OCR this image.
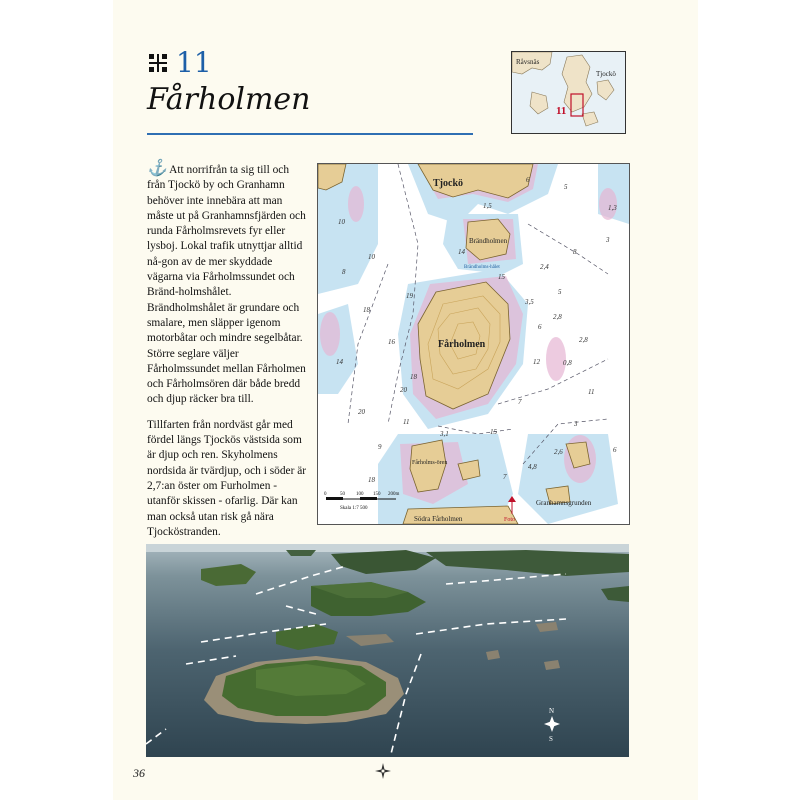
11
Fårholmen
Råvsnäs
Tjockö
11

⚓ Att norrifrån ta sig till och från Tjockö by och Granhamn behöver inte innebära att man måste ut på Granhamnsfjärden och runda Fårholmsrevets fyr eller lysboj. Lokal trafik utnyttjar alltid nå-gon av de mer skyddade vägarna via Fårholmssundet och Bränd-holmshålet. Brändholmshålet är grundare och smalare, men släpper igenom motorbåtar och mindre segelbåtar. Större seglare väljer Fårholmssundet mellan Fårholmen och Fårholmsören där både bredd och djup räcker bra till.

Tillfarten från nordväst går med fördel längs Tjockös västsida som är djup och ren. Skyholmens nordsida är tvärdjup, och i söder är 2,7:an öster om Furholmen - utanför skissen - ofarlig. Där kan man också utan risk gå nära Tjocköstranden.

Tjockö
Brändholmen
Brändholms-hålet
Fårholmen
Fårholms-ören
Södra Fårholmen
Granhamnsgrunden
Foto
6
5
1,5	1,3
10
14	8
3
2,4
3,5
5
2,8
0,8
6
2,8
18
19
18
20
20
11
3,1
18
15
7
4,8
2,6	6
3
7
10
8
12
15
16
14
11
9
0	50 100 150 200m
Skala 1:7 500
N
S
36
